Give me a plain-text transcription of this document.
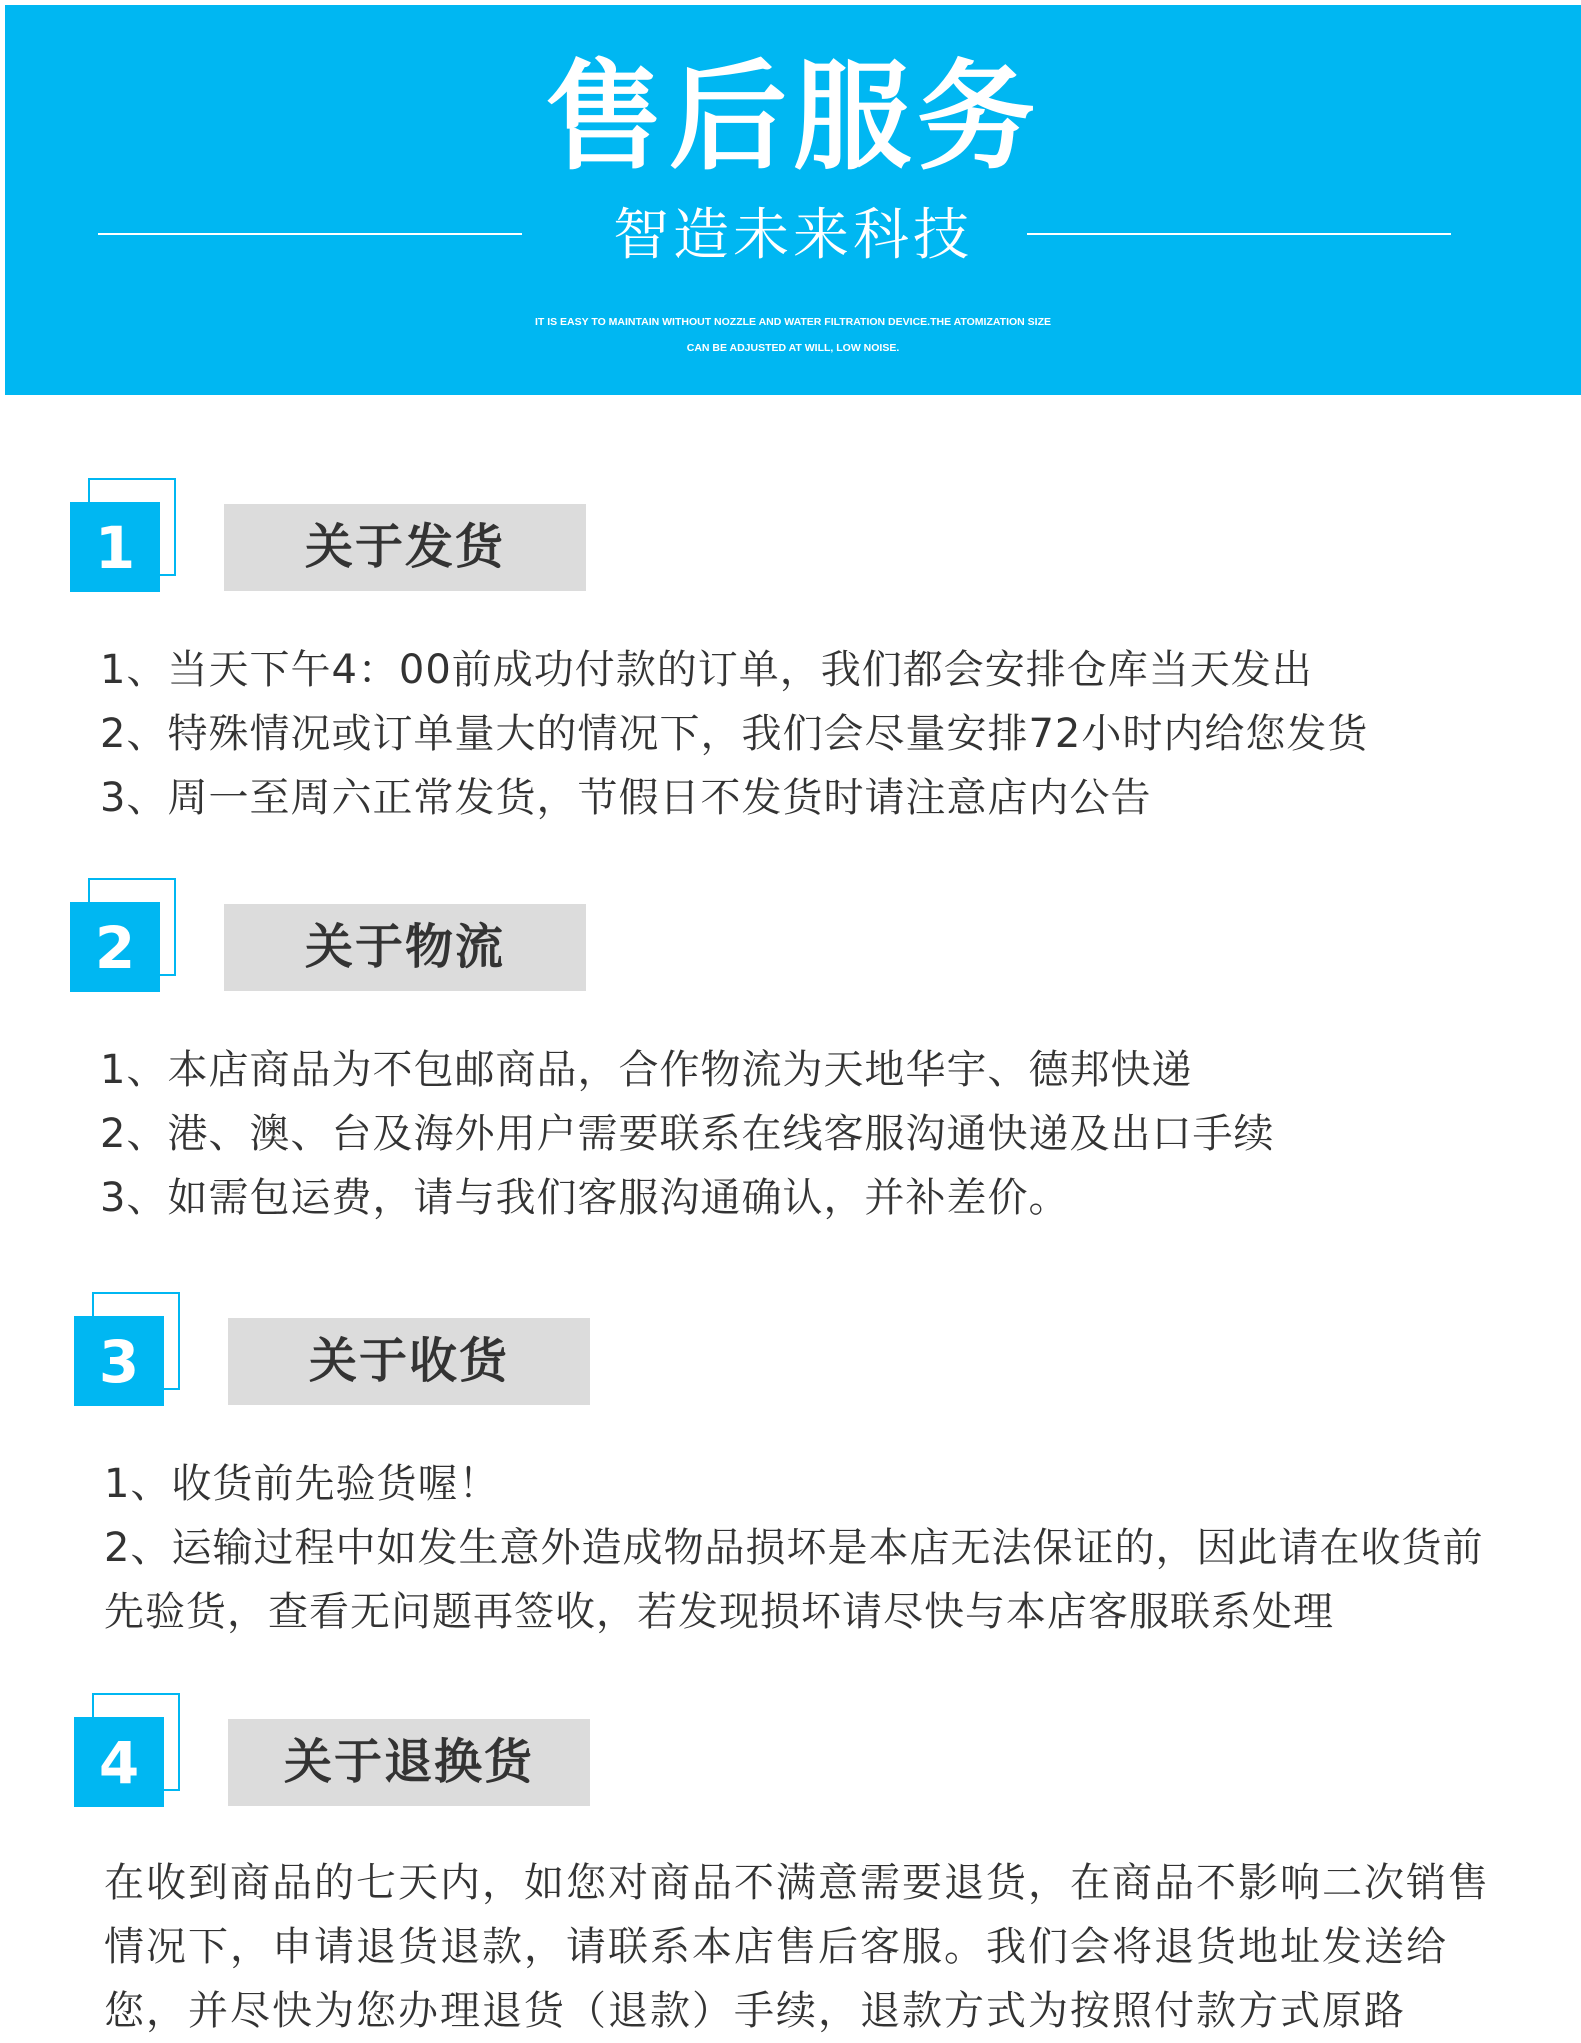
售后服务
智造未来科技
IT IS EASY TO MAINTAIN WITHOUT NOZZLE AND WATER FILTRATION DEVICE.THE ATOMIZATION SIZE
CAN BE ADJUSTED AT WILL, LOW NOISE.
1	关于发货
1、当天下午4：00前成功付款的订单，我们都会安排仓库当天发出
2、特殊情况或订单量大的情况下，我们会尽量安排72小时内给您发货
3、周一至周六正常发货，节假日不发货时请注意店内公告
2	关于物流
1、本店商品为不包邮商品，合作物流为天地华宇、德邦快递
2、港、澳、台及海外用户需要联系在线客服沟通快递及出口手续
3、如需包运费，请与我们客服沟通确认，并补差价。
3	关于收货
1、收货前先验货喔！
2、运输过程中如发生意外造成物品损坏是本店无法保证的，因此请在收货前先验货，查看无问题再签收，若发现损坏请尽快与本店客服联系处理
4	关于退换货

在收到商品的七天内，如您对商品不满意需要退货，在商品不影响二次销售情况下，申请退货退款，请联系本店售后客服。我们会将退货地址发送给您，并尽快为您办理退货（退款）手续，退款方式为按照付款方式原路
